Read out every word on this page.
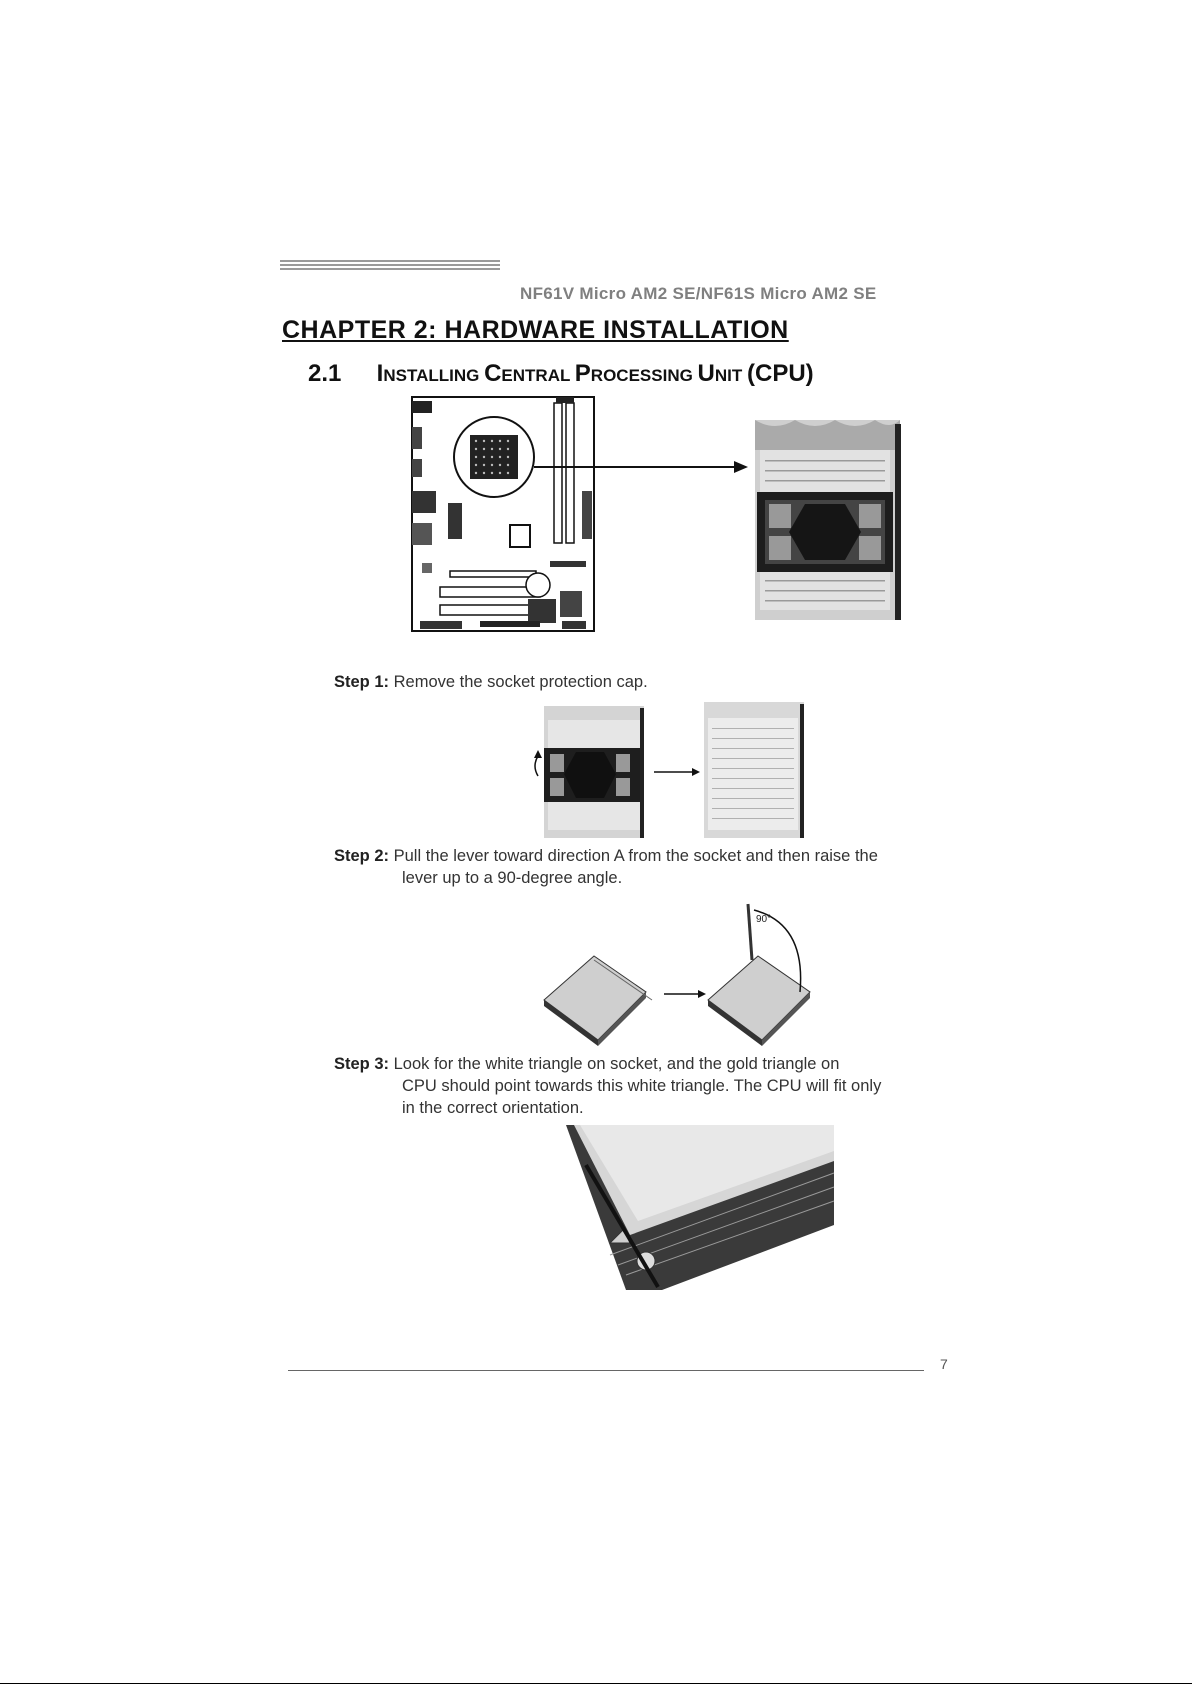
NF61V Micro AM2 SE/NF61S Micro AM2 SE
CHAPTER 2: HARDWARE INSTALLATION
2.1 INSTALLING CENTRAL PROCESSING UNIT (CPU)
Step 1: Remove the socket protection cap.
Step 2: Pull the lever toward direction A from the socket and then raise the
lever up to a 90-degree angle.
90°
Step 3: Look for the white triangle on socket, and the gold triangle on
CPU should point towards this white triangle. The CPU will fit only
in the correct orientation.
7
